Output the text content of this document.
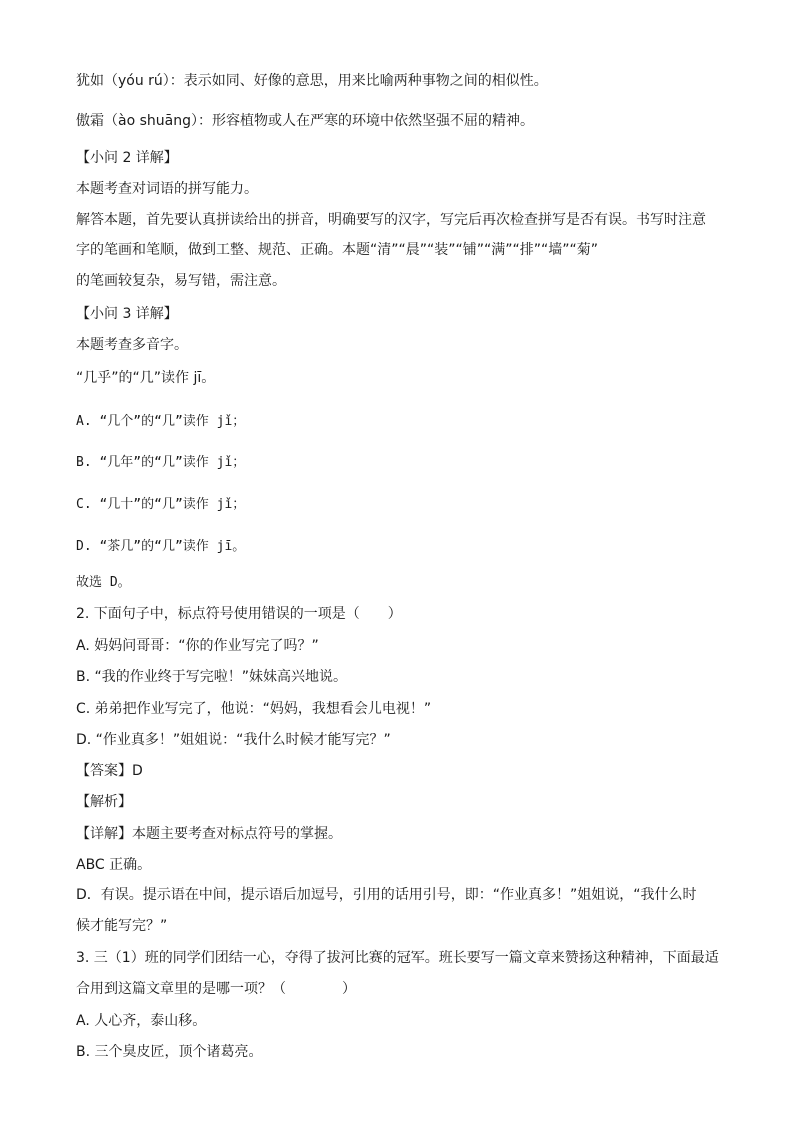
犹如（yóu rú）：表示如同、好像的意思，用来比喻两种事物之间的相似性。
傲霜（ào shuāng）：形容植物或人在严寒的环境中依然坚强不屈的精神。
【小问 2 详解】
本题考查对词语的拼写能力。
解答本题，首先要认真拼读给出的拼音，明确要写的汉字，写完后再次检查拼写是否有误。书写时注意
字的笔画和笔顺，做到工整、规范、正确。本题“清”“晨”“装”“铺”“满”“排”“墙”“菊”
的笔画较复杂，易写错，需注意。
【小问 3 详解】
本题考查多音字。
“几乎”的“几”读作 jī。
A. “几个”的“几”读作 jǐ；
B. “几年”的“几”读作 jǐ；
C. “几十”的“几”读作 jǐ；
D. “茶几”的“几”读作 jī。
故选 D。
2. 下面句子中，标点符号使用错误的一项是（　　）
A. 妈妈问哥哥：“你的作业写完了吗？”
B. “我的作业终于写完啦！”妹妹高兴地说。
C. 弟弟把作业写完了，他说：“妈妈，我想看会儿电视！”
D. “作业真多！”姐姐说：“我什么时候才能写完？”
【答案】D
【解析】
【详解】本题主要考查对标点符号的掌握。
ABC 正确。
D．有误。提示语在中间，提示语后加逗号，引用的话用引号，即：“作业真多！”姐姐说，“我什么时
候才能写完？”
3. 三（1）班的同学们团结一心，夺得了拔河比赛的冠军。班长要写一篇文章来赞扬这种精神，下面最适
合用到这篇文章里的是哪一项？（　　　　）
A. 人心齐，泰山移。
B. 三个臭皮匠，顶个诸葛亮。
